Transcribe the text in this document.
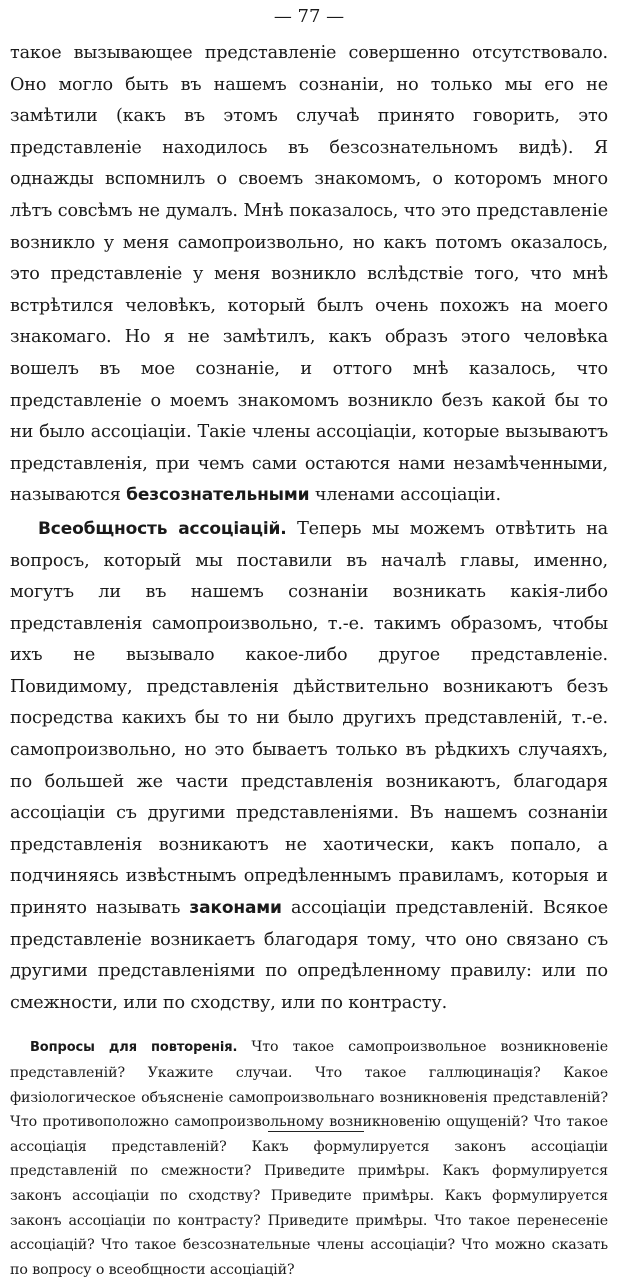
— 77 —

такое вызывающее представленіе совершенно отсутствовало. Оно могло быть въ нашемъ сознаніи, но только мы его не замѣтили (какъ въ этомъ случаѣ принято говорить, это представленіе находилось въ безсознательномъ видѣ). Я однажды вспомнилъ о своемъ знакомомъ, о которомъ много лѣтъ совсѣмъ не думалъ. Мнѣ показалось, что это представленіе возникло у меня самопроизвольно, но какъ потомъ оказалось, это представленіе у меня возникло вслѣдствіе того, что мнѣ встрѣтился человѣкъ, который былъ очень похожъ на моего знакомаго. Но я не замѣтилъ, какъ образъ этого человѣка вошелъ въ мое сознаніе, и оттого мнѣ казалось, что представленіе о моемъ знакомомъ возникло безъ какой бы то ни было ассоціаціи. Такіе члены ассоціаціи, которые вызываютъ представленія, при чемъ сами остаются нами незамѣченными, называются безсознательными членами ассоціаціи.

Всеобщность ассоціацій. Теперь мы можемъ отвѣтить на вопросъ, который мы поставили въ началѣ главы, именно, могутъ ли въ нашемъ сознаніи возникать какія-либо представленія самопроизвольно, т.-е. такимъ образомъ, чтобы ихъ не вызывало какое-либо другое представленіе. Повидимому, представленія дѣйствительно возникаютъ безъ посредства какихъ бы то ни было другихъ представленій, т.-е. самопроизвольно, но это бываетъ только въ рѣдкихъ случаяхъ, по большей же части представленія возникаютъ, благодаря ассоціаціи съ другими представленіями. Въ нашемъ сознаніи представленія возникаютъ не хаотически, какъ попало, а подчиняясь извѣстнымъ опредѣленнымъ правиламъ, которыя и принято называть законами ассоціаціи представленій. Всякое представленіе возникаетъ благодаря тому, что оно связано съ другими представленіями по опредѣленному правилу: или по смежности, или по сходству, или по контрасту.

Вопросы для повторенія. Что такое самопроизвольное возникновеніе представленій? Укажите случаи. Что такое галлюцинація? Какое физіологическое объясненіе самопроизвольнаго возникновенія представленій? Что противоположно самопроизвольному возникновенію ощущеній? Что такое ассоціація представленій? Какъ формулируется законъ ассоціаціи представленій по смежности? Приведите примѣры. Какъ формулируется законъ ассоціаціи по сходству? Приведите примѣры. Какъ формулируется законъ ассоціаціи по контрасту? Приведите примѣры. Что такое перенесеніе ассоціацій? Что такое безсознательные члены ассоціаціи? Что можно сказать по вопросу о всеобщности ассоціацій?
